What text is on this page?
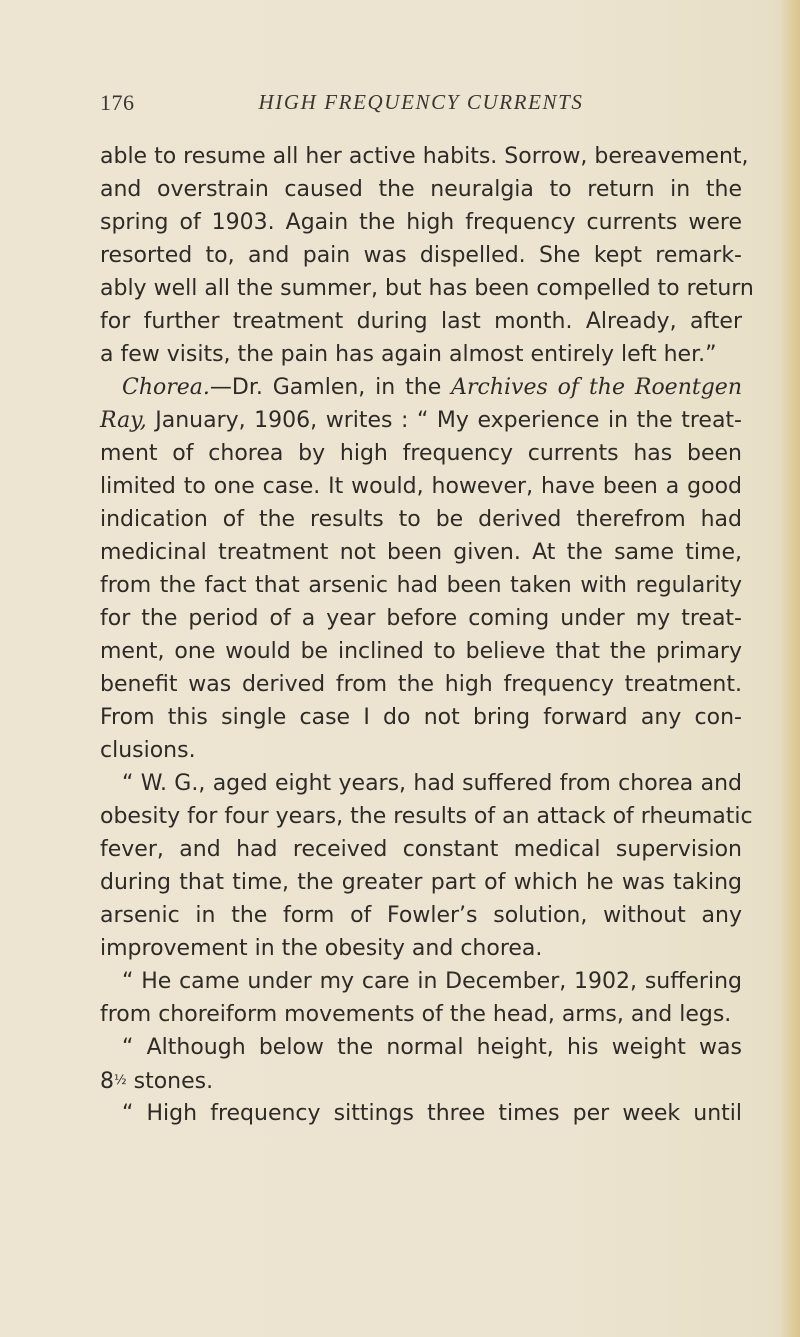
176	HIGH FREQUENCY CURRENTS
able to resume all her active habits. Sorrow, bereavement,
and overstrain caused the neuralgia to return in the
spring of 1903. Again the high frequency currents were
resorted to, and pain was dispelled. She kept remark-
ably well all the summer, but has been compelled to return
for further treatment during last month. Already, after
a few visits, the pain has again almost entirely left her.”
Chorea.—Dr. Gamlen, in the Archives of the Roentgen
Ray, January, 1906, writes : “ My experience in the treat-
ment of chorea by high frequency currents has been
limited to one case. It would, however, have been a good
indication of the results to be derived therefrom had
medicinal treatment not been given. At the same time,
from the fact that arsenic had been taken with regularity
for the period of a year before coming under my treat-
ment, one would be inclined to believe that the primary
benefit was derived from the high frequency treatment.
From this single case I do not bring forward any con-
clusions.
“ W. G., aged eight years, had suffered from chorea and
obesity for four years, the results of an attack of rheumatic
fever, and had received constant medical supervision
during that time, the greater part of which he was taking
arsenic in the form of Fowler’s solution, without any
improvement in the obesity and chorea.
“ He came under my care in December, 1902, suffering
from choreiform movements of the head, arms, and legs.
“ Although below the normal height, his weight was
8½ stones.
“ High frequency sittings three times per week until
